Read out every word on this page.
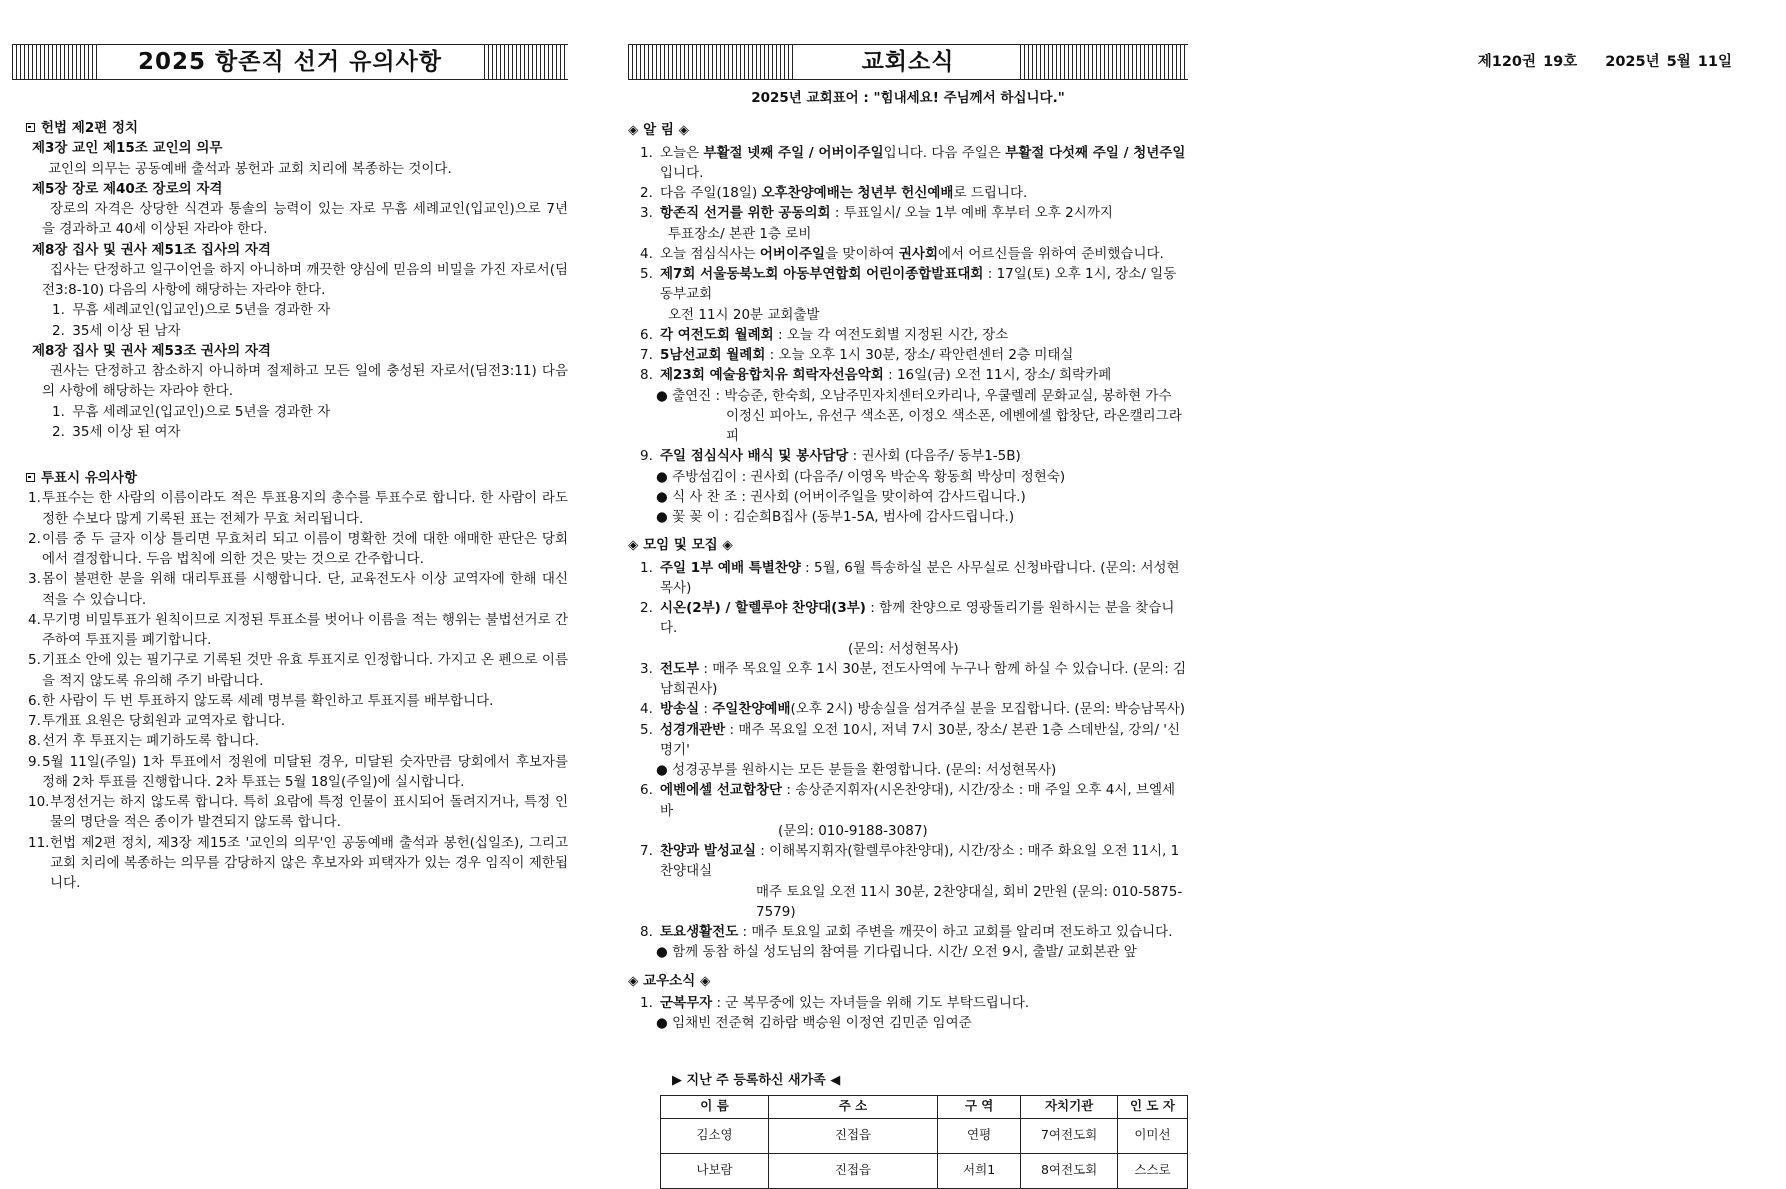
제120권 19호 2025년 5월 11일
2025 항존직 선거 유의사항

헌법 제2편 정치

제3장 교인 제15조 교인의 의무

교인의 의무는 공동예배 출석과 봉헌과 교회 치리에 복종하는 것이다.

제5장 장로 제40조 장로의 자격

장로의 자격은 상당한 식견과 통솔의 능력이 있는 자로 무흠 세례교인(입교인)으로 7년을 경과하고 40세 이상된 자라야 한다.

제8장 집사 및 권사 제51조 집사의 자격

집사는 단정하고 일구이언을 하지 아니하며 깨끗한 양심에 믿음의 비밀을 가진 자로서(딤전3:8-10) 다음의 사항에 해당하는 자라야 한다.

1. 무흠 세례교인(입교인)으로 5년을 경과한 자

2. 35세 이상 된 남자

제8장 집사 및 권사 제53조 권사의 자격

권사는 단정하고 참소하지 아니하며 절제하고 모든 일에 충성된 자로서(딤전3:11) 다음의 사항에 해당하는 자라야 한다.

1. 무흠 세례교인(입교인)으로 5년을 경과한 자

2. 35세 이상 된 여자

투표시 유의사항

1. 투표수는 한 사람의 이름이라도 적은 투표용지의 총수를 투표수로 합니다. 한 사람이 라도 정한 수보다 많게 기록된 표는 전체가 무효 처리됩니다.

2. 이름 중 두 글자 이상 틀리면 무효처리 되고 이름이 명확한 것에 대한 애매한 판단은 당회에서 결정합니다. 두음 법칙에 의한 것은 맞는 것으로 간주합니다.

3. 몸이 불편한 분을 위해 대리투표를 시행합니다. 단, 교육전도사 이상 교역자에 한해 대신 적을 수 있습니다.

4. 무기명 비밀투표가 원칙이므로 지정된 투표소를 벗어나 이름을 적는 행위는 불법선거로 간주하여 투표지를 폐기합니다.

5. 기표소 안에 있는 필기구로 기록된 것만 유효 투표지로 인정합니다. 가지고 온 펜으로 이름을 적지 않도록 유의해 주기 바랍니다.

6. 한 사람이 두 번 투표하지 않도록 세례 명부를 확인하고 투표지를 배부합니다.

7. 투개표 요원은 당회원과 교역자로 합니다.

8. 선거 후 투표지는 폐기하도록 합니다.

9. 5월 11일(주일) 1차 투표에서 정원에 미달된 경우, 미달된 숫자만큼 당회에서 후보자를 정해 2차 투표를 진행합니다. 2차 투표는 5월 18일(주일)에 실시합니다.

10. 부정선거는 하지 않도록 합니다. 특히 요람에 특정 인물이 표시되어 돌려지거나, 특정 인물의 명단을 적은 종이가 발견되지 않도록 합니다.

11. 헌법 제2편 정치, 제3장 제15조 '교인의 의무'인 공동예배 출석과 봉헌(십일조), 그리고 교회 치리에 복종하는 의무를 감당하지 않은 후보자와 피택자가 있는 경우 임직이 제한됩니다.

교회소식

2025년 교회표어 : "힘내세요! 주님께서 하십니다."

◈ 알 림 ◈

1. 오늘은 부활절 넷째 주일 / 어버이주일입니다. 다음 주일은 부활절 다섯째 주일 / 청년주일입니다.

2. 다음 주일(18일) 오후찬양예배는 청년부 헌신예배로 드립니다.

3. 항존직 선거를 위한 공동의회 : 투표일시/ 오늘 1부 예배 후부터 오후 2시까지

투표장소/ 본관 1층 로비

4. 오늘 점심식사는 어버이주일을 맞이하여 권사회에서 어르신들을 위하여 준비했습니다.

5. 제7회 서울동북노회 아동부연합회 어린이종합발표대회 : 17일(토) 오후 1시, 장소/ 일동동부교회

오전 11시 20분 교회출발

6. 각 여전도회 월례회 : 오늘 각 여전도회별 지정된 시간, 장소

7. 5남선교회 월례회 : 오늘 오후 1시 30분, 장소/ 곽안련센터 2층 미태실

8. 제23회 예술융합치유 희락자선음악회 : 16일(금) 오전 11시, 장소/ 희락카페

● 출연진 : 박승준, 한숙희, 오남주민자치센터오카리나, 우쿨렐레 문화교실, 봉하현 가수

이정신 피아노, 유선구 색소폰, 이정오 색소폰, 에벤에셀 합창단, 라온캘리그라피

9. 주일 점심식사 배식 및 봉사담당 : 권사회 (다음주/ 동부1-5B)

● 주방섬김이 : 권사회 (다음주/ 이영옥 박순옥 황동희 박상미 정현숙)

● 식 사 찬 조 : 권사회 (어버이주일을 맞이하여 감사드립니다.)

● 꽃 꽂 이 : 김순희B집사 (동부1-5A, 범사에 감사드립니다.)

◈ 모임 및 모집 ◈

1. 주일 1부 예배 특별찬양 : 5월, 6월 특송하실 분은 사무실로 신청바랍니다. (문의: 서성현목사)

2. 시온(2부) / 할렐루야 찬양대(3부) : 함께 찬양으로 영광돌리기를 원하시는 분을 찾습니다.

(문의: 서성현목사)

3. 전도부 : 매주 목요일 오후 1시 30분, 전도사역에 누구나 함께 하실 수 있습니다. (문의: 김남희권사)

4. 방송실 : 주일찬양예배(오후 2시) 방송실을 섬겨주실 분을 모집합니다. (문의: 박승남목사)

5. 성경개관반 : 매주 목요일 오전 10시, 저녁 7시 30분, 장소/ 본관 1층 스데반실, 강의/ '신명기'

● 성경공부를 원하시는 모든 분들을 환영합니다. (문의: 서성현목사)

6. 에벤에셀 선교합창단 : 송상준지휘자(시온찬양대), 시간/장소 : 매 주일 오후 4시, 브엘세바

(문의: 010-9188-3087)

7. 찬양과 발성교실 : 이해복지휘자(할렐루야찬양대), 시간/장소 : 매주 화요일 오전 11시, 1찬양대실

매주 토요일 오전 11시 30분, 2찬양대실, 회비 2만원 (문의: 010-5875-7579)

8. 토요생활전도 : 매주 토요일 교회 주변을 깨끗이 하고 교회를 알리며 전도하고 있습니다.

● 함께 동참 하실 성도님의 참여를 기다립니다. 시간/ 오전 9시, 출발/ 교회본관 앞

◈ 교우소식 ◈

1. 군복무자 : 군 복무중에 있는 자녀들을 위해 기도 부탁드립니다.

● 임채빈 전준혁 김하람 백승원 이정연 김민준 임여준

▶ 지난 주 등록하신 새가족 ◀

이 름	주 소	구 역	자치기관	인 도 자
김소영	진접읍	연평	7여전도회	이미선
나보람	진접읍	서희1	8여전도회	스스로
